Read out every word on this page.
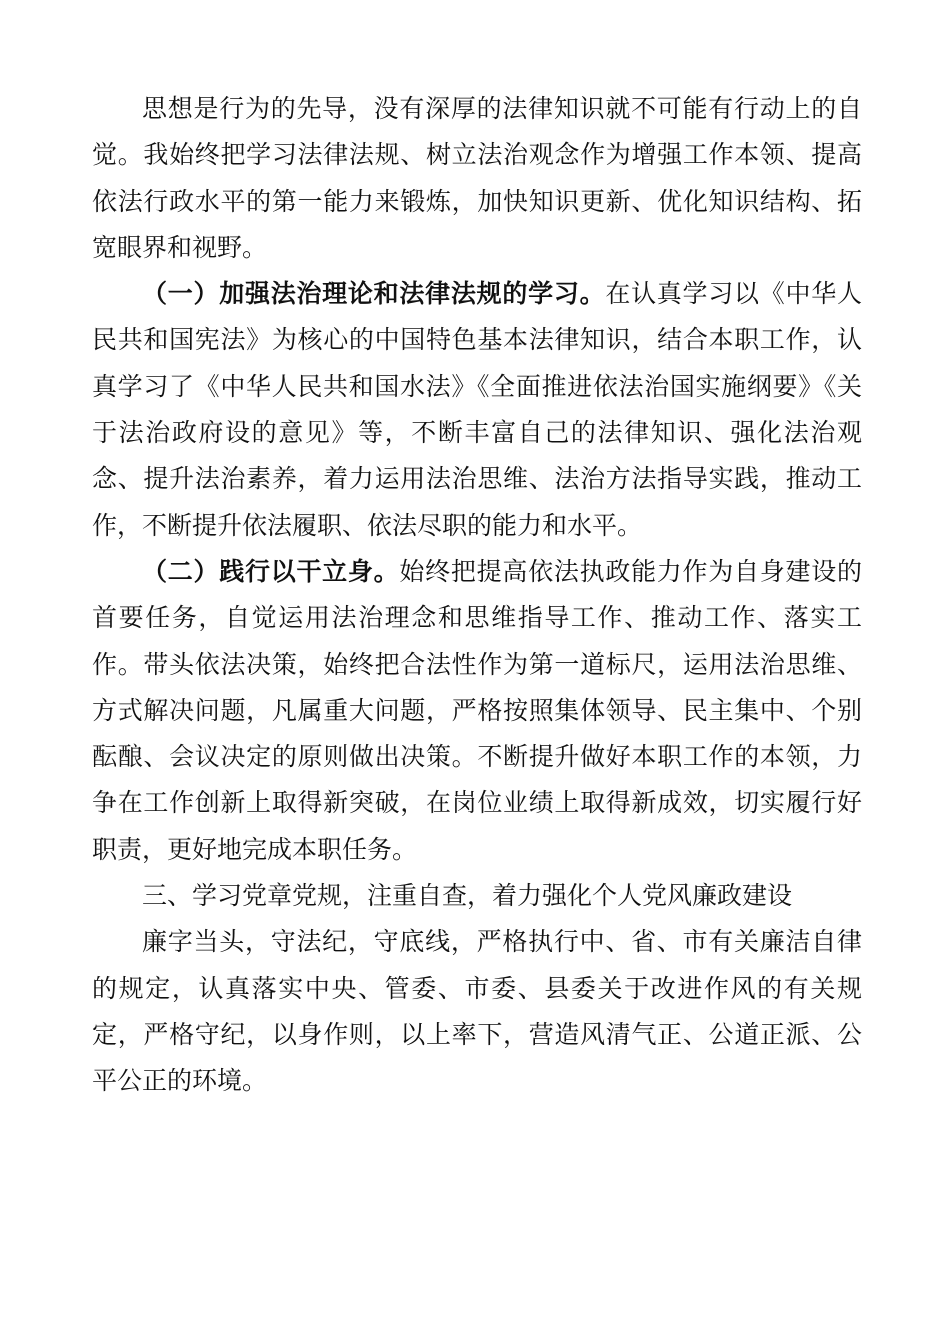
思想是行为的先导，没有深厚的法律知识就不可能有行动上的自觉。我始终把学习法律法规、树立法治观念作为增强工作本领、提高依法行政水平的第一能力来锻炼，加快知识更新、优化知识结构、拓宽眼界和视野。

（一）加强法治理论和法律法规的学习。在认真学习以《中华人民共和国宪法》为核心的中国特色基本法律知识，结合本职工作，认真学习了《中华人民共和国水法》《全面推进依法治国实施纲要》《关于法治政府设的意见》等，不断丰富自己的法律知识、强化法治观念、提升法治素养，着力运用法治思维、法治方法指导实践，推动工作，不断提升依法履职、依法尽职的能力和水平。

（二）践行以干立身。始终把提高依法执政能力作为自身建设的首要任务，自觉运用法治理念和思维指导工作、推动工作、落实工作。带头依法决策，始终把合法性作为第一道标尺，运用法治思维、方式解决问题，凡属重大问题，严格按照集体领导、民主集中、个别酝酿、会议决定的原则做出决策。不断提升做好本职工作的本领，力争在工作创新上取得新突破，在岗位业绩上取得新成效，切实履行好职责，更好地完成本职任务。

三、学习党章党规，注重自查，着力强化个人党风廉政建设

廉字当头，守法纪，守底线，严格执行中、省、市有关廉洁自律的规定，认真落实中央、管委、市委、县委关于改进作风的有关规定，严格守纪，以身作则，以上率下，营造风清气正、公道正派、公平公正的环境。
